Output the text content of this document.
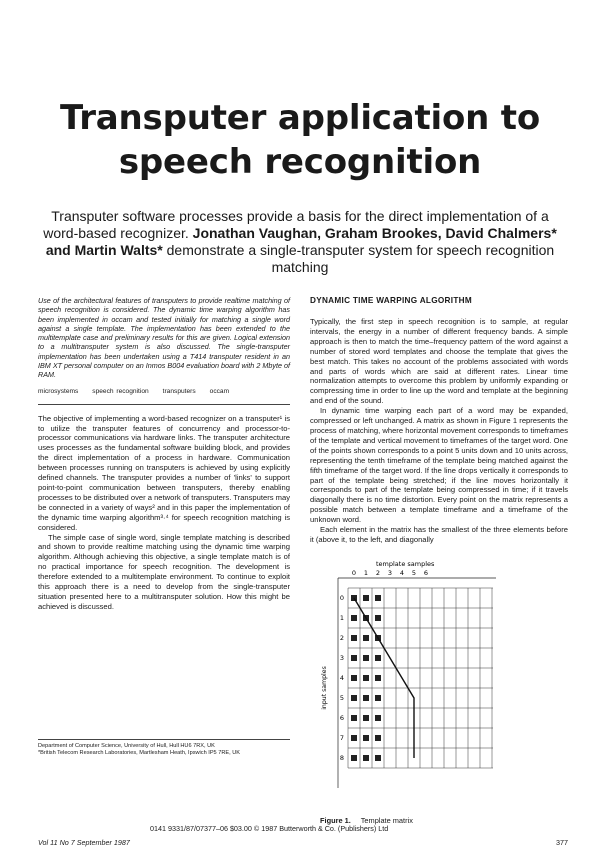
Transputer application to
speech recognition
Transputer software processes provide a basis for the direct implementation of a word-based recognizer. Jonathan Vaughan, Graham Brookes, David Chalmers* and Martin Walts* demonstrate a single-transputer system for speech recognition matching
Use of the architectural features of transputers to provide realtime matching of speech recognition is considered. The dynamic time warping algorithm has been implemented in occam and tested initially for matching a single word against a single template. The implementation has been extended to the multitemplate case and preliminary results for this are given. Logical extension to a multitransputer system is also discussed. The single-transputer implementation has been undertaken using a T414 transputer resident in an IBM XT personal computer on an Inmos B004 evaluation board with 2 Mbyte of RAM.
microsystems speech recognition transputers occam

The objective of implementing a word-based recognizer on a transputer¹ is to utilize the transputer features of concurrency and processor-to-processor communications via hardware links. The transputer architecture uses processes as the fundamental software building block, and provides the direct implementation of a process in hardware. Communication between processes running on transputers is achieved by using explicitly defined channels. The transputer provides a number of 'links' to support point-to-point communication between transputers, thereby enabling processes to be distributed over a network of transputers. Transputers may be connected in a variety of ways² and in this paper the implementation of the dynamic time warping algorithm³·⁴ for speech recognition matching is considered.

The simple case of single word, single template matching is described and shown to provide realtime matching using the dynamic time warping algorithm. Although achieving this objective, a single template match is of no practical importance for speech recognition. The development is therefore extended to a multitemplate environment. To continue to exploit this approach there is a need to develop from the single-transputer situation presented here to a multitransputer solution. How this might be achieved is discussed.

Department of Computer Science, University of Hull, Hull HU6 7RX, UK
*British Telecom Research Laboratories, Martlesham Heath, Ipswich IP5 7RE, UK
DYNAMIC TIME WARPING ALGORITHM

Typically, the first step in speech recognition is to sample, at regular intervals, the energy in a number of different frequency bands. A simple approach is then to match the time–frequency pattern of the word against a number of stored word templates and choose the template that gives the best match. This takes no account of the problems associated with words and parts of words which are said at different rates. Linear time normalization attempts to overcome this problem by uniformly expanding or compressing time in order to line up the word and template at the beginning and end of the sound.

In dynamic time warping each part of a word may be expanded, compressed or left unchanged. A matrix as shown in Figure 1 represents the process of matching, where horizontal movement corresponds to timeframes of the template and vertical movement to timeframes of the target word. One of the points shown corresponds to a point 5 units down and 10 units across, representing the tenth timeframe of the template being matched against the fifth timeframe of the target word. If the line drops vertically it corresponds to part of the template being stretched; if the line moves horizontally it corresponds to part of the template being compressed in time; if it travels diagonally there is no time distortion. Every point on the matrix represents a possible match between a template timeframe and a timeframe of the unknown word.

Each element in the matrix has the smallest of the three elements before it (above it, to the left, and diagonally

template samples
input samples
0 1 2 3 4 5 6
0
1
2
3
4
5
6
7
8
Figure 1. Template matrix
0141 9331/87/07377–06 $03.00 © 1987 Butterworth & Co. (Publishers) Ltd
Vol 11 No 7 September 1987	377
